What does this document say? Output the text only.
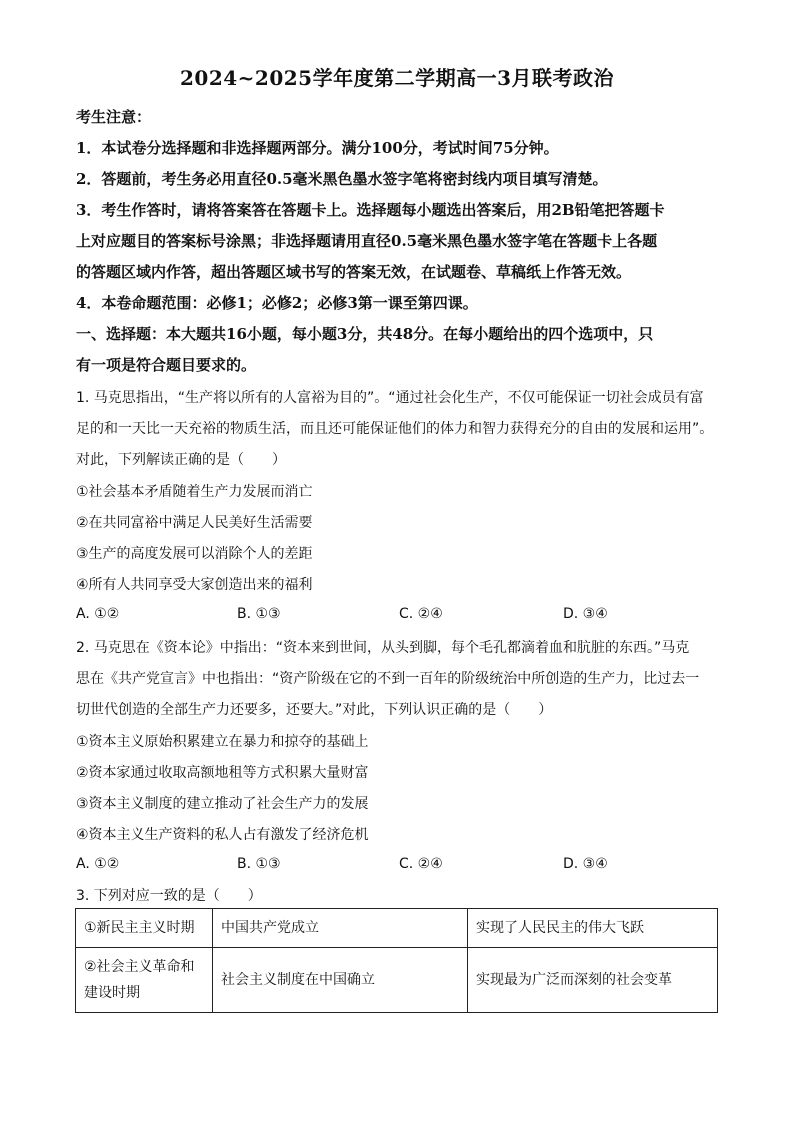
2024~2025学年度第二学期高一3月联考政治
考生注意：
1．本试卷分选择题和非选择题两部分。满分100分，考试时间75分钟。
2．答题前，考生务必用直径0.5毫米黑色墨水签字笔将密封线内项目填写清楚。
3．考生作答时，请将答案答在答题卡上。选择题每小题选出答案后，用2B铅笔把答题卡
上对应题目的答案标号涂黑；非选择题请用直径0.5毫米黑色墨水签字笔在答题卡上各题
的答题区域内作答，超出答题区域书写的答案无效，在试题卷、草稿纸上作答无效。
4．本卷命题范围：必修1；必修2；必修3第一课至第四课。
一、选择题：本大题共16小题，每小题3分，共48分。在每小题给出的四个选项中，只
有一项是符合题目要求的。
1. 马克思指出，“生产将以所有的人富裕为目的”。“通过社会化生产，不仅可能保证一切社会成员有富
足的和一天比一天充裕的物质生活，而且还可能保证他们的体力和智力获得充分的自由的发展和运用”。
对此，下列解读正确的是（　　）
①社会基本矛盾随着生产力发展而消亡
②在共同富裕中满足人民美好生活需要
③生产的高度发展可以消除个人的差距
④所有人共同享受大家创造出来的福利
A. ①②	B. ①③	C. ②④	D. ③④
2. 马克思在《资本论》中指出：“资本来到世间，从头到脚，每个毛孔都滴着血和肮脏的东西。”马克
思在《共产党宣言》中也指出：“资产阶级在它的不到一百年的阶级统治中所创造的生产力，比过去一
切世代创造的全部生产力还要多，还要大。”对此，下列认识正确的是（　　）
①资本主义原始积累建立在暴力和掠夺的基础上
②资本家通过收取高额地租等方式积累大量财富
③资本主义制度的建立推动了社会生产力的发展
④资本主义生产资料的私人占有激发了经济危机
A. ①②	B. ①③	C. ②④	D. ③④
3. 下列对应一致的是（　　）
①新民主主义时期	中国共产党成立	实现了人民民主的伟大飞跃
②社会主义革命和建设时期	社会主义制度在中国确立	实现最为广泛而深刻的社会变革
